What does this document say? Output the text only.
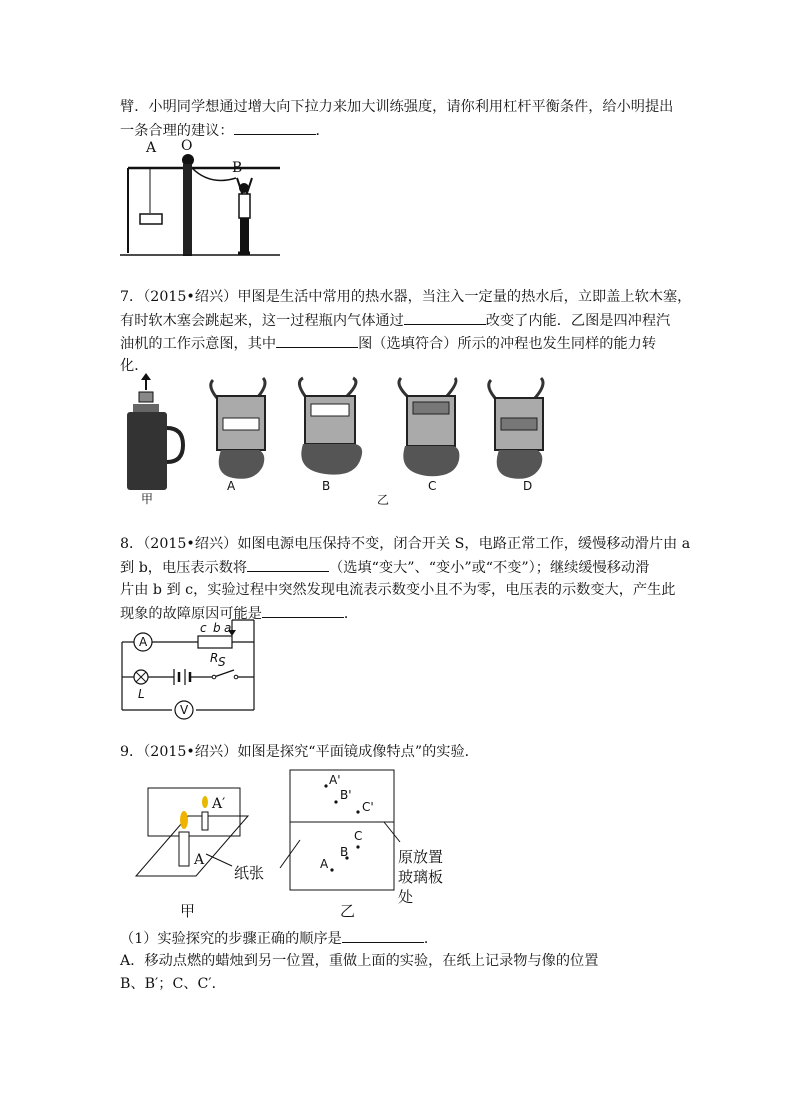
臂．小明同学想通过增大向下拉力来加大训练强度，请你利用杠杆平衡条件，给小明提出
一条合理的建议：	．
A O
B
7．（2015•绍兴）甲图是生活中常用的热水器，当注入一定量的热水后，立即盖上软木塞，
有时软木塞会跳起来，这一过程瓶内气体通过	改变了内能．乙图是四冲程汽
油机的工作示意图，其中	图（选填符合）所示的冲程也发生同样的能力转
化．
甲
A	B	C	D
乙
8．（2015•绍兴）如图电源电压保持不变，闭合开关 S，电路正常工作，缓慢移动滑片由 a
到 b，电压表示数将	（选填“变大”、“变小”或“不变”）；继续缓慢移动滑
片由 b 到 c，实验过程中突然发现电流表示数变小且不为零，电压表的示数变大，产生此
现象的故障原因可能是	．
A
c b a
R
L
S
V
9．（2015•绍兴）如图是探究“平面镜成像特点”的实验．
A′
A
纸张
甲
A'
B'
C'
A
B
C
原放置
玻璃板
处
乙
（1）实验探究的步骤正确的顺序是	．
A．移动点燃的蜡烛到另一位置，重做上面的实验，在纸上记录物与像的位置
B、B′；C、C′．
